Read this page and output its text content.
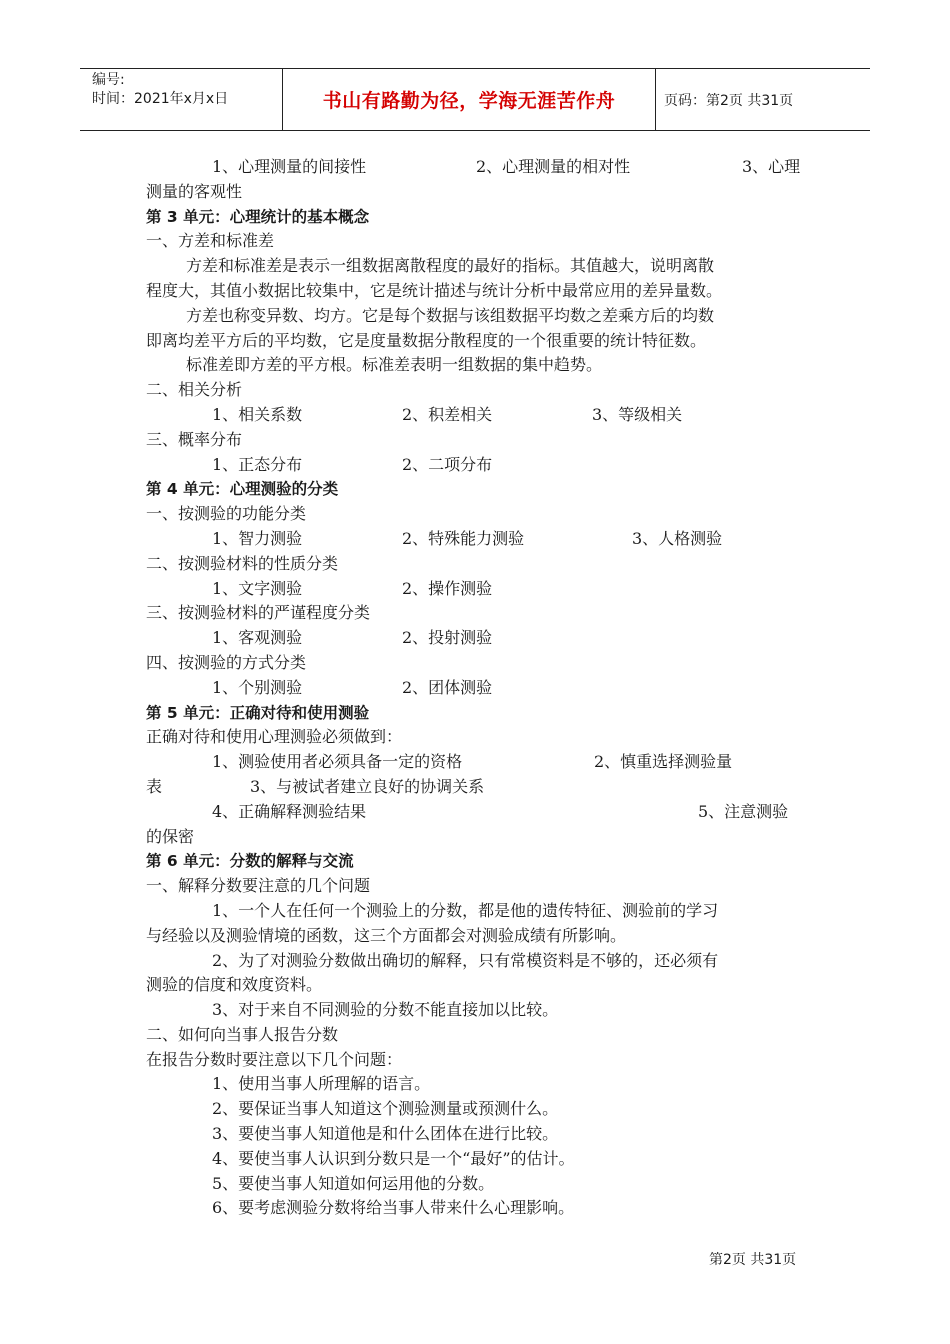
编号:
时间：2021年x月x日	书山有路勤为径，学海无涯苦作舟	页码：第2页 共31页
1、心理测量的间接性	2、心理测量的相对性	3、心理
测量的客观性
第 3 单元：心理统计的基本概念
一、方差和标准差
方差和标准差是表示一组数据离散程度的最好的指标。其值越大，说明离散
程度大，其值小数据比较集中，它是统计描述与统计分析中最常应用的差异量数。
方差也称变异数、均方。它是每个数据与该组数据平均数之差乘方后的均数
即离均差平方后的平均数，它是度量数据分散程度的一个很重要的统计特征数。
标准差即方差的平方根。标准差表明一组数据的集中趋势。
二、相关分析
1、相关系数	2、积差相关	3、等级相关
三、概率分布
1、正态分布	2、二项分布
第 4 单元：心理测验的分类
一、按测验的功能分类
1、智力测验	2、特殊能力测验	3、人格测验
二、按测验材料的性质分类
1、文字测验	2、操作测验
三、按测验材料的严谨程度分类
1、客观测验	2、投射测验
四、按测验的方式分类
1、个别测验	2、团体测验
第 5 单元：正确对待和使用测验
正确对待和使用心理测验必须做到：
1、测验使用者必须具备一定的资格	2、慎重选择测验量
表	3、与被试者建立良好的协调关系
4、正确解释测验结果	5、注意测验
的保密
第 6 单元：分数的解释与交流
一、解释分数要注意的几个问题
1、一个人在任何一个测验上的分数，都是他的遗传特征、测验前的学习
与经验以及测验情境的函数，这三个方面都会对测验成绩有所影响。
2、为了对测验分数做出确切的解释，只有常模资料是不够的，还必须有
测验的信度和效度资料。
3、对于来自不同测验的分数不能直接加以比较。
二、如何向当事人报告分数
在报告分数时要注意以下几个问题：
1、使用当事人所理解的语言。
2、要保证当事人知道这个测验测量或预测什么。
3、要使当事人知道他是和什么团体在进行比较。
4、要使当事人认识到分数只是一个“最好”的估计。
5、要使当事人知道如何运用他的分数。
6、要考虑测验分数将给当事人带来什么心理影响。
第2页 共31页
